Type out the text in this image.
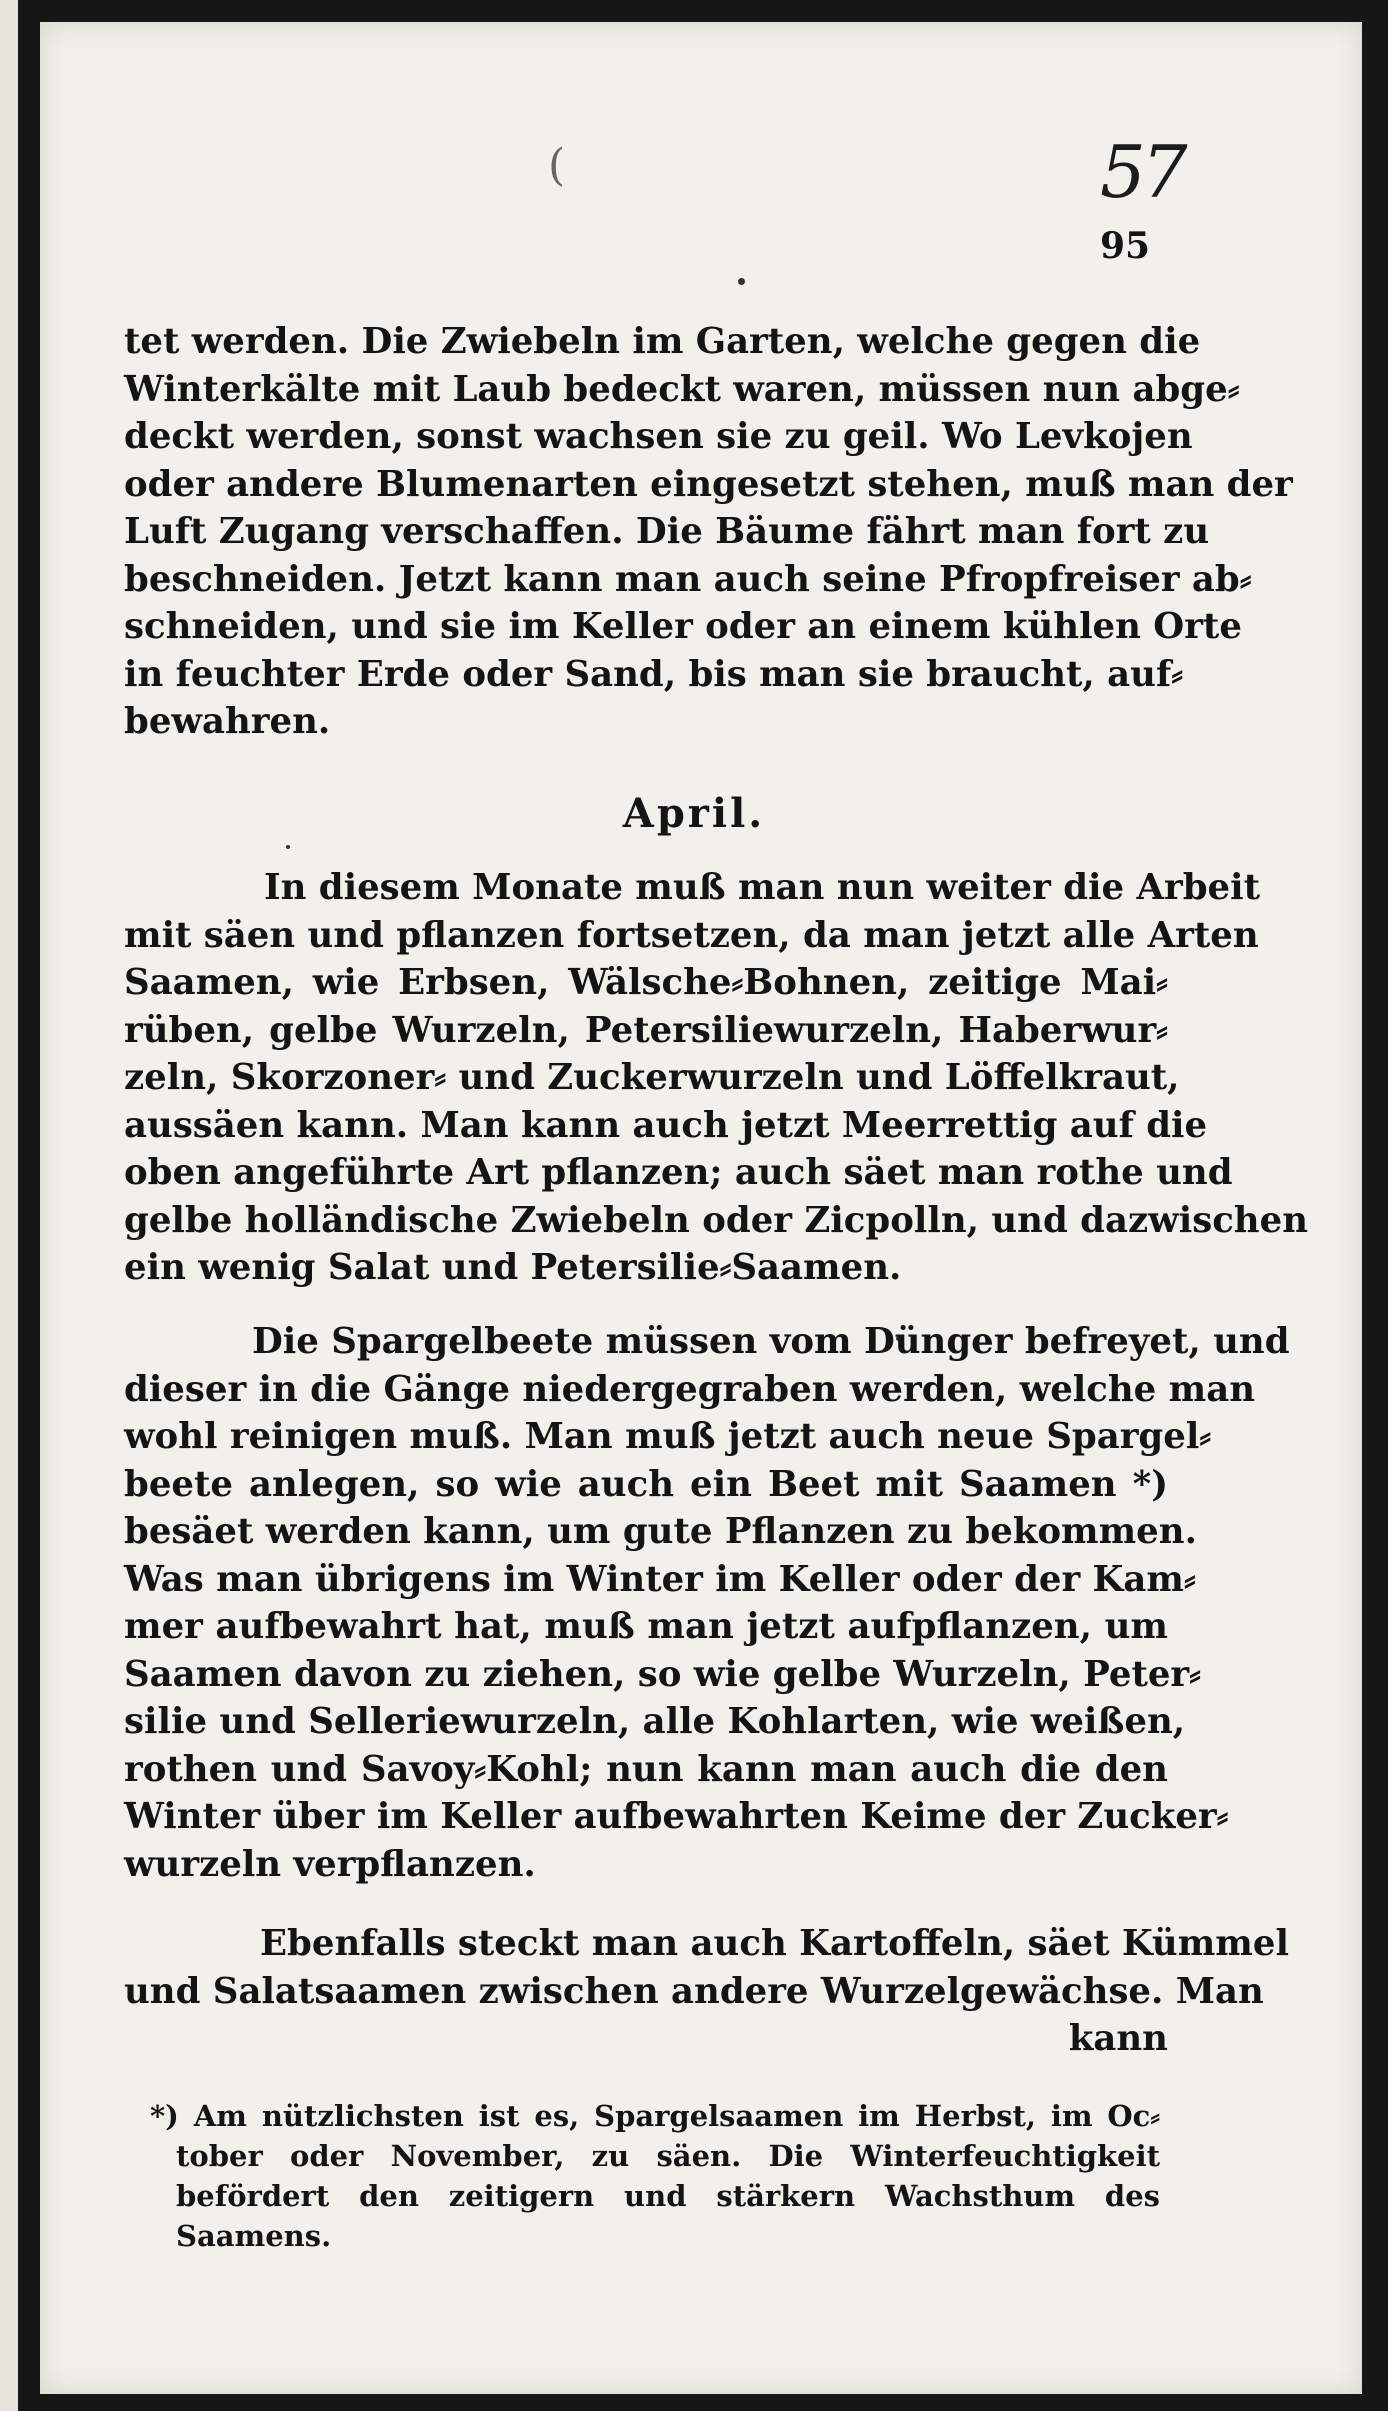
(	57
95
tet werden. Die Zwiebeln im Garten, welche gegen die
Winterkälte mit Laub bedeckt waren, müssen nun abge⸗
deckt werden, sonst wachsen sie zu geil. Wo Levkojen
oder andere Blumenarten eingesetzt stehen, muß man der
Luft Zugang verschaffen. Die Bäume fährt man fort zu
beschneiden. Jetzt kann man auch seine Pfropfreiser ab⸗
schneiden, und sie im Keller oder an einem kühlen Orte
in feuchter Erde oder Sand, bis man sie braucht, auf⸗
bewahren.
April.
In diesem Monate muß man nun weiter die Arbeit
mit säen und pflanzen fortsetzen, da man jetzt alle Arten
Saamen, wie Erbsen, Wälsche⸗Bohnen, zeitige Mai⸗
rüben, gelbe Wurzeln, Petersiliewurzeln, Haberwur⸗
zeln, Skorzoner⸗ und Zuckerwurzeln und Löffelkraut,
aussäen kann. Man kann auch jetzt Meerrettig auf die
oben angeführte Art pflanzen; auch säet man rothe und
gelbe holländische Zwiebeln oder Zicpolln, und dazwischen
ein wenig Salat und Petersilie⸗Saamen.
Die Spargelbeete müssen vom Dünger befreyet, und
dieser in die Gänge niedergegraben werden, welche man
wohl reinigen muß. Man muß jetzt auch neue Spargel⸗
beete anlegen, so wie auch ein Beet mit Saamen *)
besäet werden kann, um gute Pflanzen zu bekommen.
Was man übrigens im Winter im Keller oder der Kam⸗
mer aufbewahrt hat, muß man jetzt aufpflanzen, um
Saamen davon zu ziehen, so wie gelbe Wurzeln, Peter⸗
silie und Selleriewurzeln, alle Kohlarten, wie weißen,
rothen und Savoy⸗Kohl; nun kann man auch die den
Winter über im Keller aufbewahrten Keime der Zucker⸗
wurzeln verpflanzen.
Ebenfalls steckt man auch Kartoffeln, säet Kümmel
und Salatsaamen zwischen andere Wurzelgewächse. Man
kann
*) Am nützlichsten ist es, Spargelsaamen im Herbst, im Oc⸗
tober oder November, zu säen. Die Winterfeuchtigkeit
befördert den zeitigern und stärkern Wachsthum des
Saamens.
